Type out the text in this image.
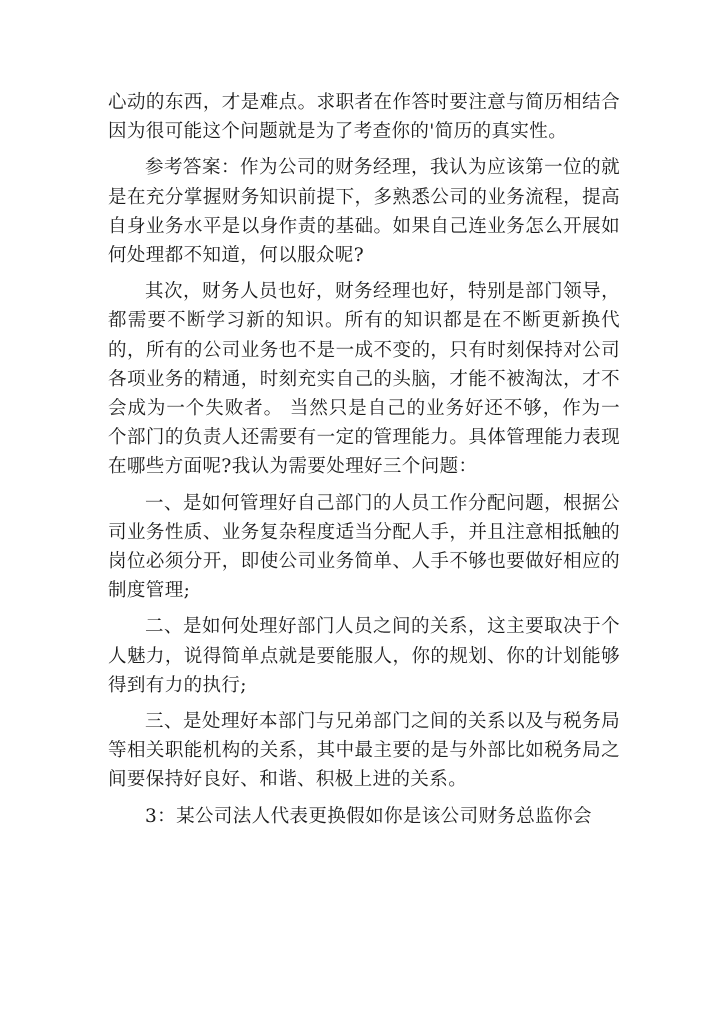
心动的东西，才是难点。求职者在作答时要注意与简历相结合因为很可能这个问题就是为了考查你的'简历的真实性。

参考答案：作为公司的财务经理，我认为应该第一位的就是在充分掌握财务知识前提下，多熟悉公司的业务流程，提高自身业务水平是以身作责的基础。如果自己连业务怎么开展如何处理都不知道，何以服众呢?

其次，财务人员也好，财务经理也好，特别是部门领导，都需要不断学习新的知识。所有的知识都是在不断更新换代的，所有的公司业务也不是一成不变的，只有时刻保持对公司各项业务的精通，时刻充实自己的头脑，才能不被淘汰，才不会成为一个失败者。 当然只是自己的业务好还不够，作为一个部门的负责人还需要有一定的管理能力。具体管理能力表现在哪些方面呢?我认为需要处理好三个问题：

一、是如何管理好自己部门的人员工作分配问题，根据公司业务性质、业务复杂程度适当分配人手，并且注意相抵触的岗位必须分开，即使公司业务简单、人手不够也要做好相应的制度管理;

二、是如何处理好部门人员之间的关系，这主要取决于个人魅力，说得简单点就是要能服人，你的规划、你的计划能够得到有力的执行;

三、是处理好本部门与兄弟部门之间的关系以及与税务局等相关职能机构的关系，其中最主要的是与外部比如税务局之间要保持好良好、和谐、积极上进的关系。

3：某公司法人代表更换假如你是该公司财务总监你会
